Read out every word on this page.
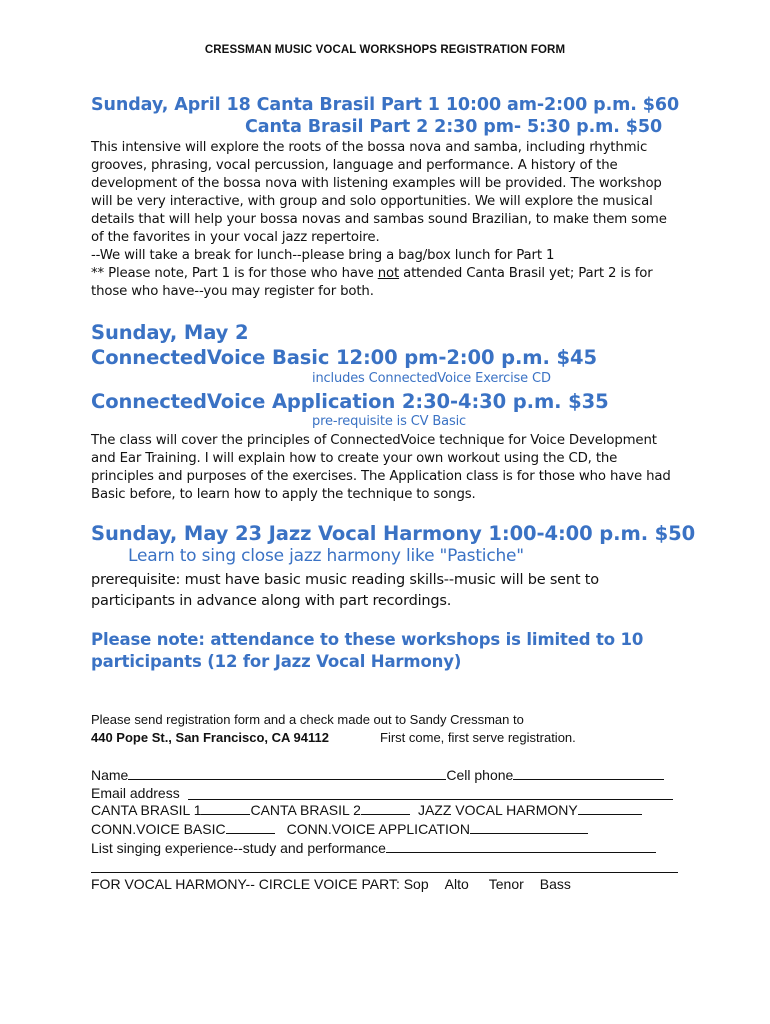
CRESSMAN MUSIC VOCAL WORKSHOPS REGISTRATION FORM
Sunday, April 18 Canta Brasil Part 1 10:00 am-2:00 p.m. $60
Canta Brasil Part 2 2:30 pm- 5:30 p.m. $50
This intensive will explore the roots of the bossa nova and samba, including rhythmic grooves, phrasing, vocal percussion, language and performance. A history of the development of the bossa nova with listening examples will be provided. The workshop will be very interactive, with group and solo opportunities. We will explore the musical details that will help your bossa novas and sambas sound Brazilian, to make them some of the favorites in your vocal jazz repertoire.
--We will take a break for lunch--please bring a bag/box lunch for Part 1
** Please note, Part 1 is for those who have not attended Canta Brasil yet; Part 2 is for those who have--you may register for both.
Sunday, May 2
ConnectedVoice Basic 12:00 pm-2:00 p.m. $45
includes ConnectedVoice Exercise CD
ConnectedVoice Application 2:30-4:30 p.m. $35
pre-requisite is CV Basic
The class will cover the principles of ConnectedVoice technique for Voice Development and Ear Training. I will explain how to create your own workout using the CD, the principles and purposes of the exercises. The Application class is for those who have had Basic before, to learn how to apply the technique to songs.
Sunday, May 23 Jazz Vocal Harmony 1:00-4:00 p.m. $50
Learn to sing close jazz harmony like "Pastiche"
prerequisite: must have basic music reading skills--music will be sent to participants in advance along with part recordings.
Please note: attendance to these workshops is limited to 10 participants (12 for Jazz Vocal Harmony)
Please send registration form and a check made out to Sandy Cressman to
440 Pope St., San Francisco, CA 94112	First come, first serve registration.
Name	Cell phone
Email address
CANTA BRASIL 1	CANTA BRASIL 2	JAZZ VOCAL HARMONY
CONN.VOICE BASIC	CONN.VOICE APPLICATION
List singing experience--study and performance
FOR VOCAL HARMONY-- CIRCLE VOICE PART: Sop Alto Tenor Bass
